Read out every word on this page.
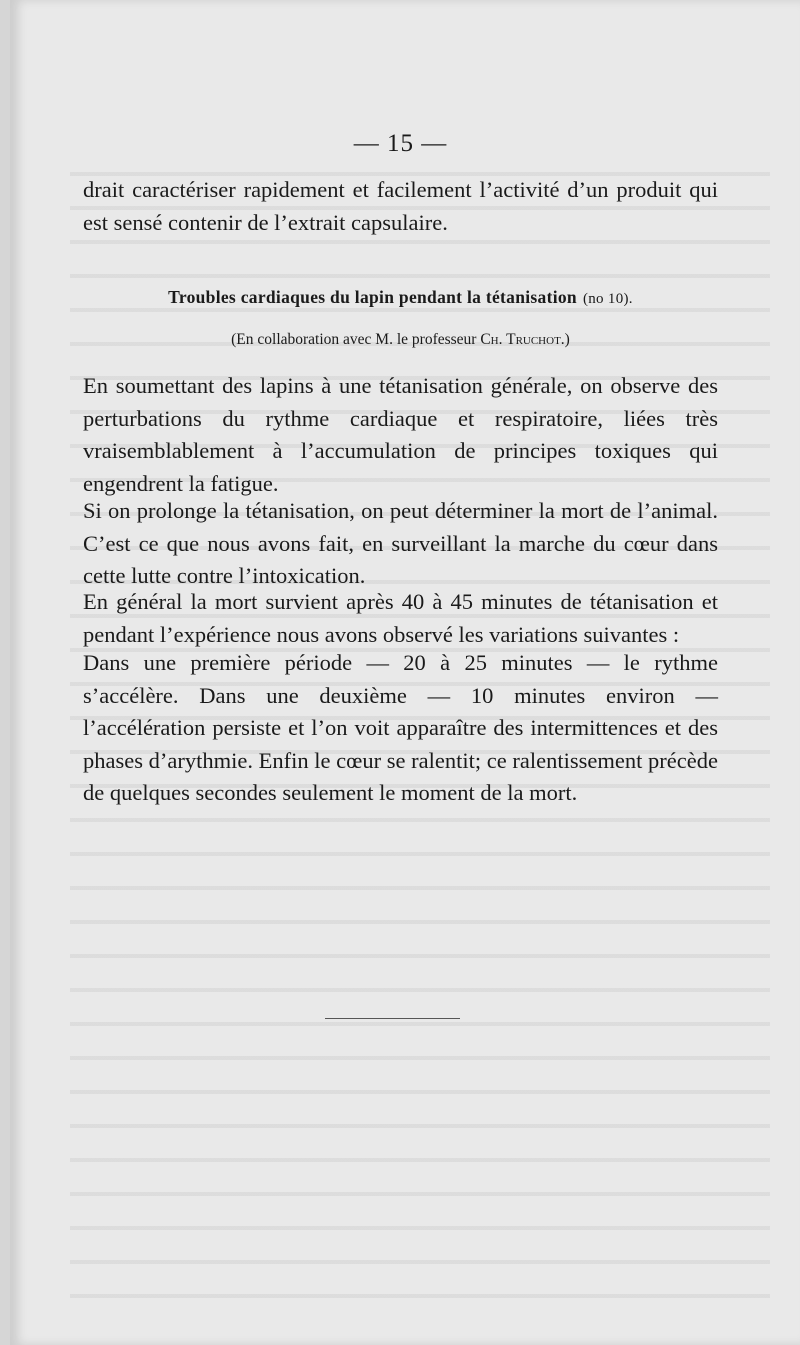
— 15 —
drait caractériser rapidement et facilement l’activité d’un produit qui est sensé contenir de l’extrait capsulaire.
Troubles cardiaques du lapin pendant la tétanisation (no 10).
(En collaboration avec M. le professeur Ch. Truchot.)
En soumettant des lapins à une tétanisation générale, on observe des perturbations du rythme cardiaque et respiratoire, liées très vraisemblablement à l’accumulation de principes toxiques qui engendrent la fatigue.
Si on prolonge la tétanisation, on peut déterminer la mort de l’animal. C’est ce que nous avons fait, en surveillant la marche du cœur dans cette lutte contre l’intoxication.
En général la mort survient après 40 à 45 minutes de tétanisation et pendant l’expérience nous avons observé les variations suivantes :
Dans une première période — 20 à 25 minutes — le rythme s’accélère. Dans une deuxième — 10 minutes environ — l’accélération persiste et l’on voit apparaître des intermittences et des phases d’arythmie. Enfin le cœur se ralentit; ce ralentissement précède de quelques secondes seulement le moment de la mort.
